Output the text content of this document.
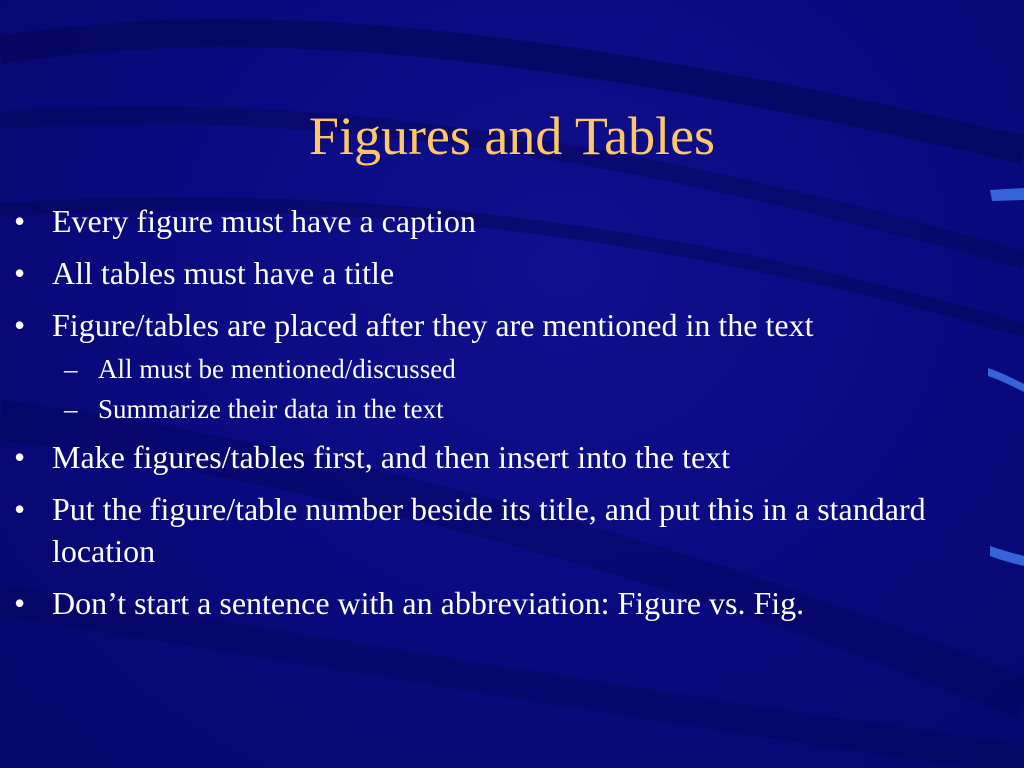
Figures and Tables
• Every figure must have a caption
• All tables must have a title
• Figure/tables are placed after they are mentioned in the text
– All must be mentioned/discussed
– Summarize their data in the text
• Make figures/tables first, and then insert into the text
• Put the figure/table number beside its title, and put this in a standard location
• Don’t start a sentence with an abbreviation: Figure vs. Fig.
